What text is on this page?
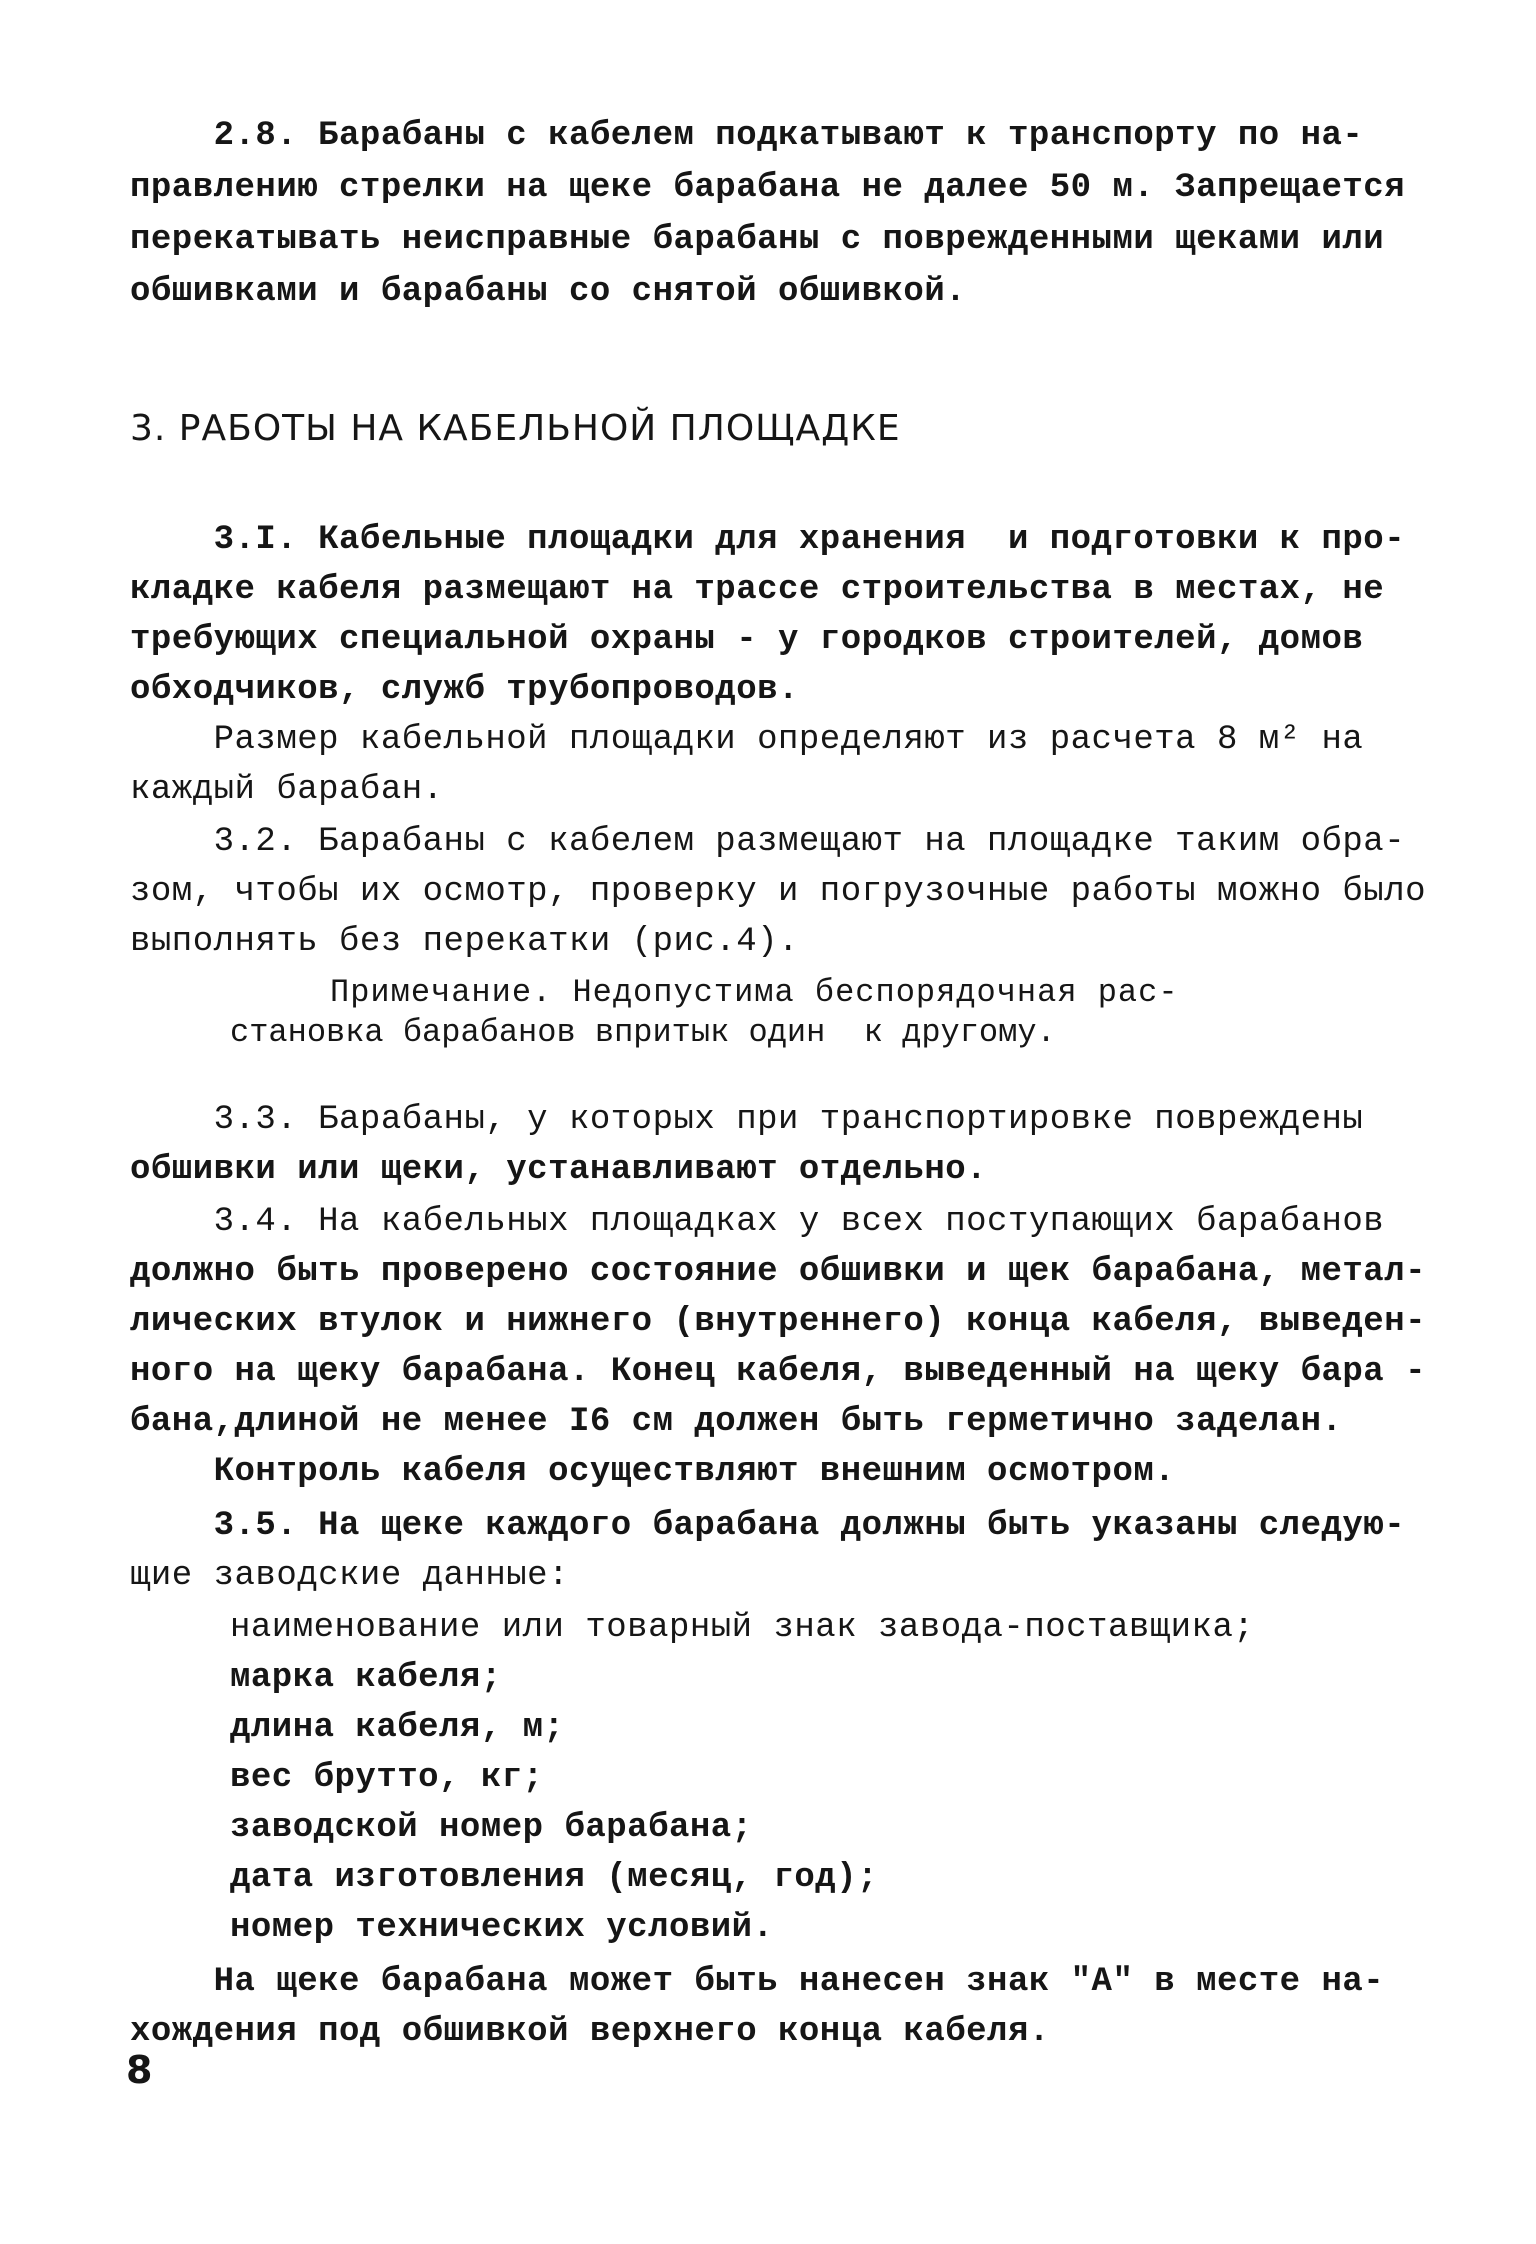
2.8. Барабаны с кабелем подкатывают к транспорту по на-
правлению стрелки на щеке барабана не далее 50 м. Запрещается
перекатывать неисправные барабаны с поврежденными щеками или
обшивками и барабаны со снятой обшивкой.
3. РАБОТЫ НА КАБЕЛЬНОЙ ПЛОЩАДКЕ
3.I. Кабельные площадки для хранения  и подготовки к про-
кладке кабеля размещают на трассе строительства в местах, не
требующих специальной охраны - у городков строителей, домов
обходчиков, служб трубопроводов.
Размер кабельной площадки определяют из расчета 8 м² на
каждый барабан.
3.2. Барабаны с кабелем размещают на площадке таким обра-
зом, чтобы их осмотр, проверку и погрузочные работы можно было
выполнять без перекатки (рис.4).
Примечание. Недопустима беспорядочная рас-
становка барабанов впритык один  к другому.
3.3. Барабаны, у которых при транспортировке повреждены
обшивки или щеки, устанавливают отдельно.
3.4. На кабельных площадках у всех поступающих барабанов
должно быть проверено состояние обшивки и щек барабана, метал-
лических втулок и нижнего (внутреннего) конца кабеля, выведен-
ного на щеку барабана. Конец кабеля, выведенный на щеку бара -
бана,длиной не менее I6 см должен быть герметично заделан.
Контроль кабеля осуществляют внешним осмотром.
3.5. На щеке каждого барабана должны быть указаны следую-
щие заводские данные:
наименование или товарный знак завода-поставщика;
марка кабеля;
длина кабеля, м;
вес брутто, кг;
заводской номер барабана;
дата изготовления (месяц, год);
номер технических условий.
На щеке барабана может быть нанесен знак "А" в месте на-
хождения под обшивкой верхнего конца кабеля.
8
